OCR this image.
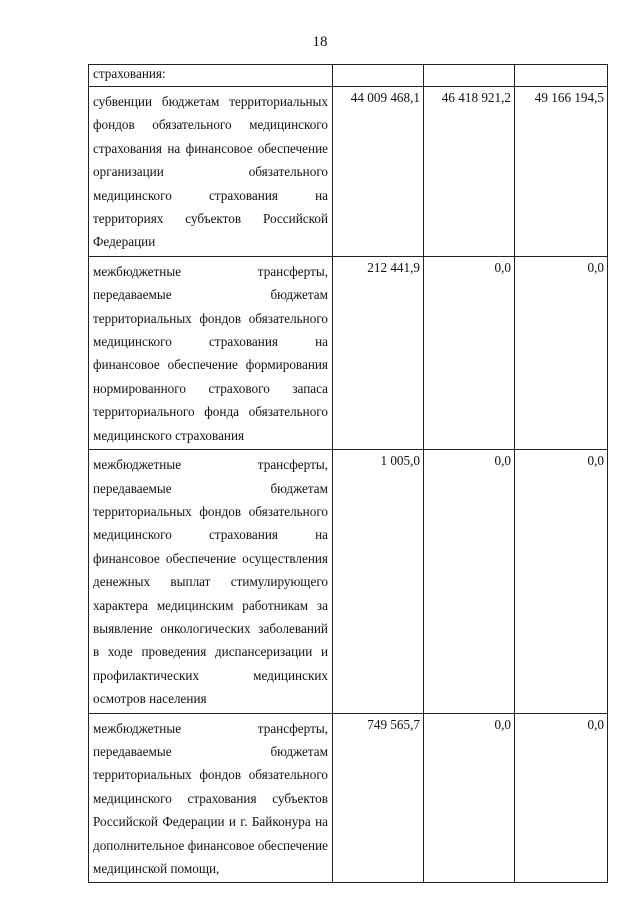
18
страхования:			

субвенции бюджетам территориальных фондов обязательного медицинского страхования на финансовое обеспечение организации обязательного медицинского страхования на территориях субъектов Российской Федерации	44 009 468,1	46 418 921,2	49 166 194,5

межбюджетные трансферты, передаваемые бюджетам территориальных фондов обязательного медицинского страхования на финансовое обеспечение формирования нормированного страхового запаса территориального фонда обязательного медицинского страхования	212 441,9	0,0	0,0

межбюджетные трансферты, передаваемые бюджетам территориальных фондов обязательного медицинского страхования на финансовое обеспечение осуществления денежных выплат стимулирующего характера медицинским работникам за выявление онкологических заболеваний в ходе проведения диспансеризации и профилактических медицинских осмотров населения	1 005,0	0,0	0,0

межбюджетные трансферты, передаваемые бюджетам территориальных фондов обязательного медицинского страхования субъектов Российской Федерации и г. Байконура на дополнительное финансовое обеспечение медицинской помощи,	749 565,7	0,0	0,0
